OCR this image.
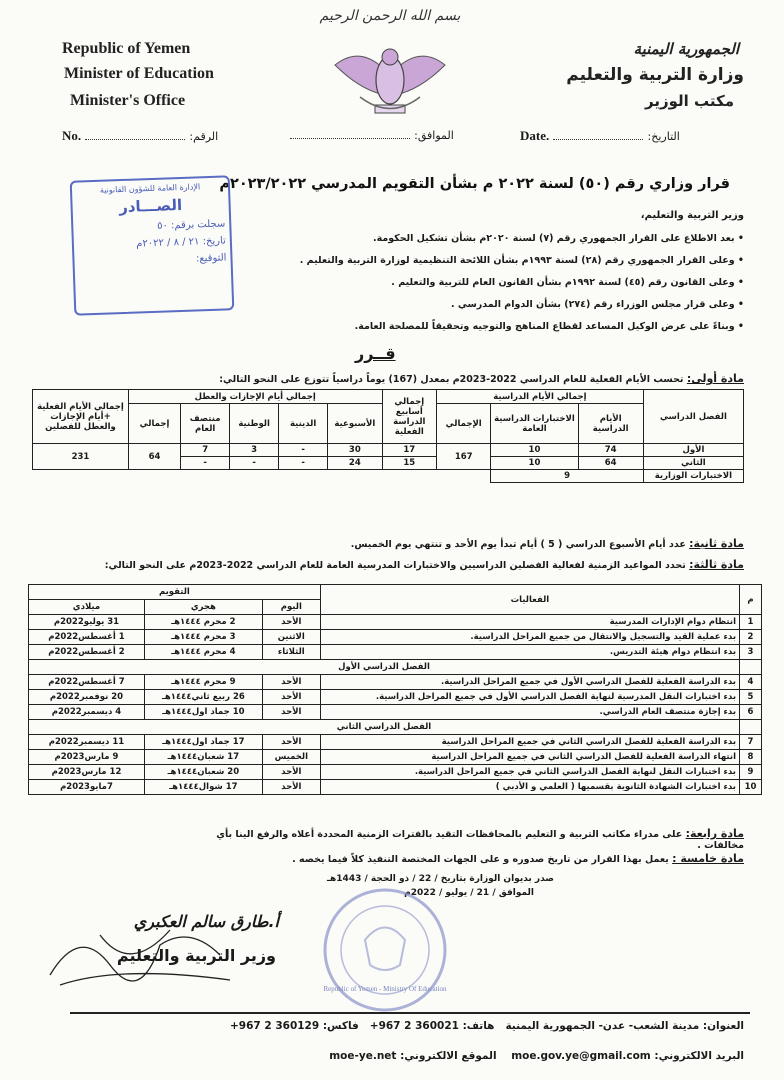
بسم الله الرحمن الرحيم
Republic of Yemen
Minister of Education
Minister's Office
الجمهورية اليمنية
وزارة التربية والتعليم
مكتب الوزير
No.	:الرقم	:الموافق	Date.	:التاريخ
قرار وزاري رقم (٥٠) لسنة ٢٠٢٢ م بشأن التقويم المدرسي ٢٠٢٣/٢٠٢٢م
الإدارة العامة للشؤون القانونية
الصـــادر
سجلت برقم: ٥٠
تاريخ: ٢١ / ٨ / ٢٠٢٢م
التوقيع:
وزير التربية والتعليم،
• بعد الاطلاع على القرار الجمهوري رقم (٧) لسنة ٢٠٢٠م بشأن تشكيل الحكومة.
• وعلى القرار الجمهوري رقم (٢٨) لسنة ١٩٩٣م بشأن اللائحة التنظيمية لوزارة التربية والتعليم .
• وعلى القانون رقم (٤٥) لسنة ١٩٩٢م بشأن القانون العام للتربية والتعليم .
• وعلى قرار مجلس الوزراء رقم (٢٧٤) بشأن الدوام المدرسي .
• وبناءً على عرض الوكيل المساعد لقطاع المناهج والتوجيه وتحقيقاً للمصلحة العامة.
قــرر
مادة أولى: تحسب الأيام الفعلية للعام الدراسي 2022-2023م بمعدل (167) يوماً دراسياً تتوزع على النحو التالي:
الفصل الدراسي	إجمالي الأيام الدراسية			إجمالي أسابيع الدراسة الفعلية	إجمالي أيام الإجازات والعطل					إجمالي الأيام الفعلية +أيام الإجازات والعطل للفصلين
	الأيام الدراسية	الاختبارات الدراسية العامة	الإجمالي		الأسبوعية	الدينية	الوطنية	منتصف العام	إجمالي	

الأول	74	10	167	17	30	-	3	7	64	231
الثاني	64	10		15	24	-	-	-		
الاختبارات الوزارية	9									
مادة ثانية: عدد أيام الأسبوع الدراسي ( 5 ) أيام تبدأ يوم الأحد و تنتهي يوم الخميس.
مادة ثالثة: تحدد المواعيد الزمنية لفعالية الفصلين الدراسيين والاختبارات المدرسية العامة للعام الدراسي 2022-2023م على النحو التالي:
م	الفعاليات	التقويم		
		اليوم	هجري	ميلادي
1	انتظام دوام الإدارات المدرسية	الأحد	2 محرم ١٤٤٤هـ	31 يوليو2022م
2	بدء عملية القيد والتسجيل والانتقال من جميع المراحل الدراسية.	الاثنين	3 محرم ١٤٤٤هـ	1 أغسطس2022م
3	بدء انتظام دوام هيئة التدريس.	الثلاثاء	4 محرم ١٤٤٤هـ	2 أغسطس2022م
	الفصل الدراسي الأول			
4	بدء الدراسة الفعلية للفصل الدراسي الأول في جميع المراحل الدراسية.	الأحد	9 محرم ١٤٤٤هـ	7 أغسطس2022م
5	بدء اختبارات النقل المدرسية لنهاية الفصل الدراسي الأول في جميع المراحل الدراسية.	الأحد	26 ربيع ثاني١٤٤٤هـ	20 نوفمبر2022م
6	بدء إجازة منتصف العام الدراسي.	الأحد	10 جماد اول١٤٤٤هـ	4 ديسمبر2022م
	الفصل الدراسي الثاني			
7	بدء الدراسة الفعلية للفصل الدراسي الثاني في جميع المراحل الدراسية	الأحد	17 جماد اول١٤٤٤هـ	11 ديسمبر2022م
8	انتهاء الدراسة الفعلية للفصل الدراسي الثاني في جميع المراحل الدراسية	الخميس	17 شعبان١٤٤٤هـ	9 مارس2023م
9	بدء اختبارات النقل لنهاية الفصل الدراسي الثاني في جميع المراحل الدراسية.	الأحد	20 شعبان١٤٤٤هـ	12 مارس2023م
10	بدء اختبارات الشهادة الثانوية بقسميها ( العلمي و الأدبي )	الأحد	17 شوال١٤٤٤هـ	7مايو2023م
مادة رابعة: على مدراء مكاتب التربية و التعليم بالمحافظات التقيد بالفترات الزمنية المحددة أعلاه والرفع الينا بأي مخالفات .
مادة خامسة : يعمل بهذا القرار من تاريخ صدوره و على الجهات المختصة التنفيذ كلاً فيما يخصه .
صدر بديوان الوزارة بتاريخ / 22 / ذو الحجة / 1443هـ
الموافق / 21 / يوليو / 2022م
Republic of Yemen - Ministry Of Education
أ.طارق سالم العكبري
وزير التربية والتعليم
العنوان: مدينة الشعب- عدن- الجمهورية اليمنية   هاتف: +967 2 360021   فاكس: +967 2 360129
البريد الالكتروني: moe.gov.ye@gmail.com    الموقع الالكتروني: moe-ye.net
